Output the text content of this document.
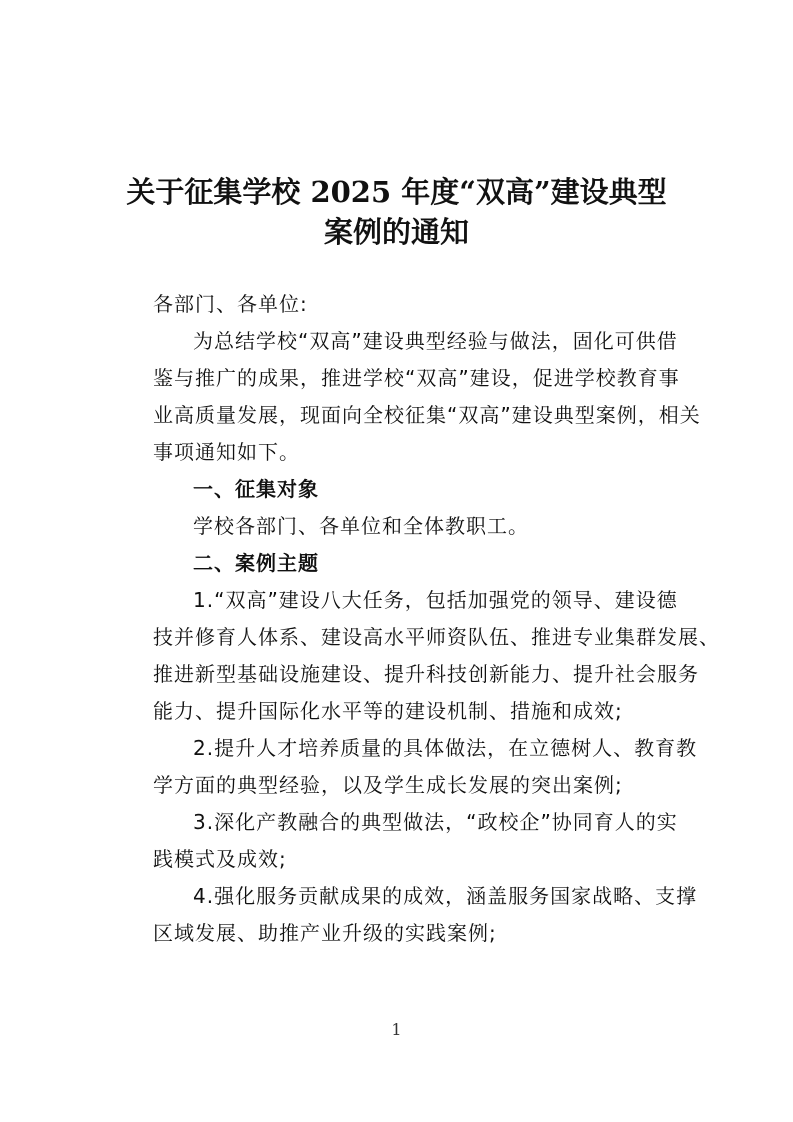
关于征集学校 2025 年度“双高”建设典型
案例的通知
各部门、各单位:
为总结学校“双高”建设典型经验与做法，固化可供借
鉴与推广的成果，推进学校“双高”建设，促进学校教育事
业高质量发展，现面向全校征集“双高”建设典型案例，相关
事项通知如下。
一、征集对象
学校各部门、各单位和全体教职工。
二、案例主题
1.“双高”建设八大任务，包括加强党的领导、建设德
技并修育人体系、建设高水平师资队伍、推进专业集群发展、
推进新型基础设施建设、提升科技创新能力、提升社会服务
能力、提升国际化水平等的建设机制、措施和成效;
2.提升人才培养质量的具体做法，在立德树人、教育教
学方面的典型经验，以及学生成长发展的突出案例;
3.深化产教融合的典型做法，“政校企”协同育人的实
践模式及成效;
4.强化服务贡献成果的成效，涵盖服务国家战略、支撑
区域发展、助推产业升级的实践案例;
1
